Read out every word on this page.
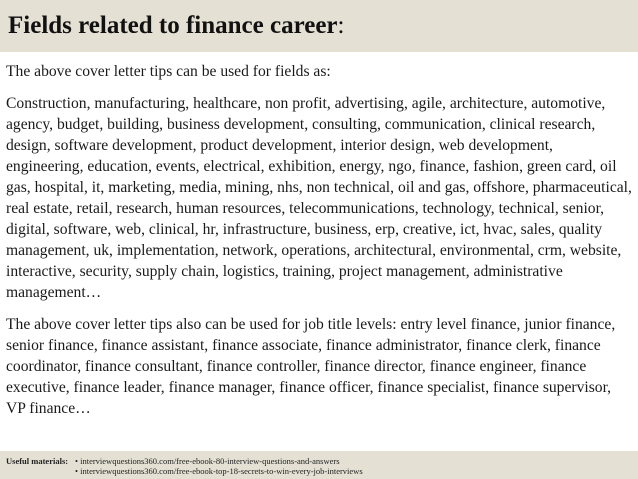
Fields related to finance career:

The above cover letter tips can be used for fields as:

Construction, manufacturing, healthcare, non profit, advertising, agile, architecture, automotive, agency, budget, building, business development, consulting, communication, clinical research, design, software development, product development, interior design, web development, engineering, education, events, electrical, exhibition, energy, ngo, finance, fashion, green card, oil gas, hospital, it, marketing, media, mining, nhs, non technical, oil and gas, offshore, pharmaceutical, real estate, retail, research, human resources, telecommunications, technology, technical, senior, digital, software, web, clinical, hr, infrastructure, business, erp, creative, ict, hvac, sales, quality management, uk, implementation, network, operations, architectural, environmental, crm, website, interactive, security, supply chain, logistics, training, project management, administrative management…

The above cover letter tips also can be used for job title levels: entry level finance, junior finance, senior finance, finance assistant, finance associate, finance administrator, finance clerk, finance coordinator, finance consultant, finance controller, finance director, finance engineer, finance executive, finance leader, finance manager, finance officer, finance specialist, finance supervisor, VP finance…

Useful materials: • interviewquestions360.com/free-ebook-80-interview-questions-and-answers
• interviewquestions360.com/free-ebook-top-18-secrets-to-win-every-job-interviews
